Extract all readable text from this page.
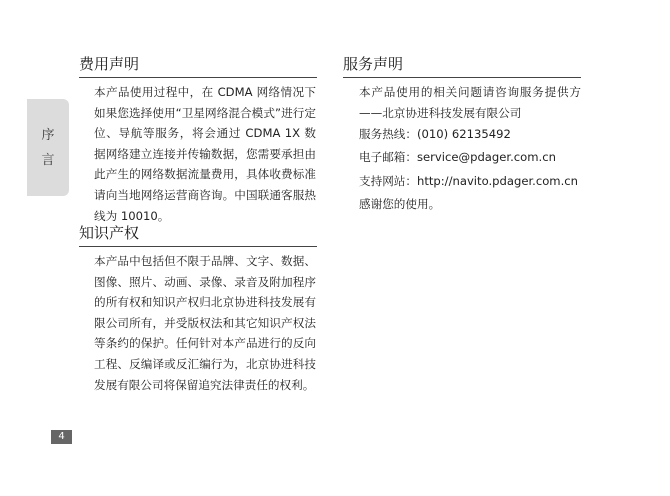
序
言
费用声明
本产品使用过程中，在 CDMA 网络情况下如果您选择使用“卫星网络混合模式”进行定位、导航等服务，将会通过 CDMA 1X 数据网络建立连接并传输数据，您需要承担由此产生的网络数据流量费用，具体收费标准请向当地网络运营商咨询。中国联通客服热线为 10010。
知识产权
本产品中包括但不限于品牌、文字、数据、图像、照片、动画、录像、录音及附加程序的所有权和知识产权归北京协进科技发展有限公司所有，并受版权法和其它知识产权法等条约的保护。任何针对本产品进行的反向工程、反编译或反汇编行为，北京协进科技发展有限公司将保留追究法律责任的权利。
服务声明
本产品使用的相关问题请咨询服务提供方——北京协进科技发展有限公司
服务热线：(010) 62135492
电子邮箱：service@pdager.com.cn
支持网站：http://navito.pdager.com.cn
感谢您的使用。
4
